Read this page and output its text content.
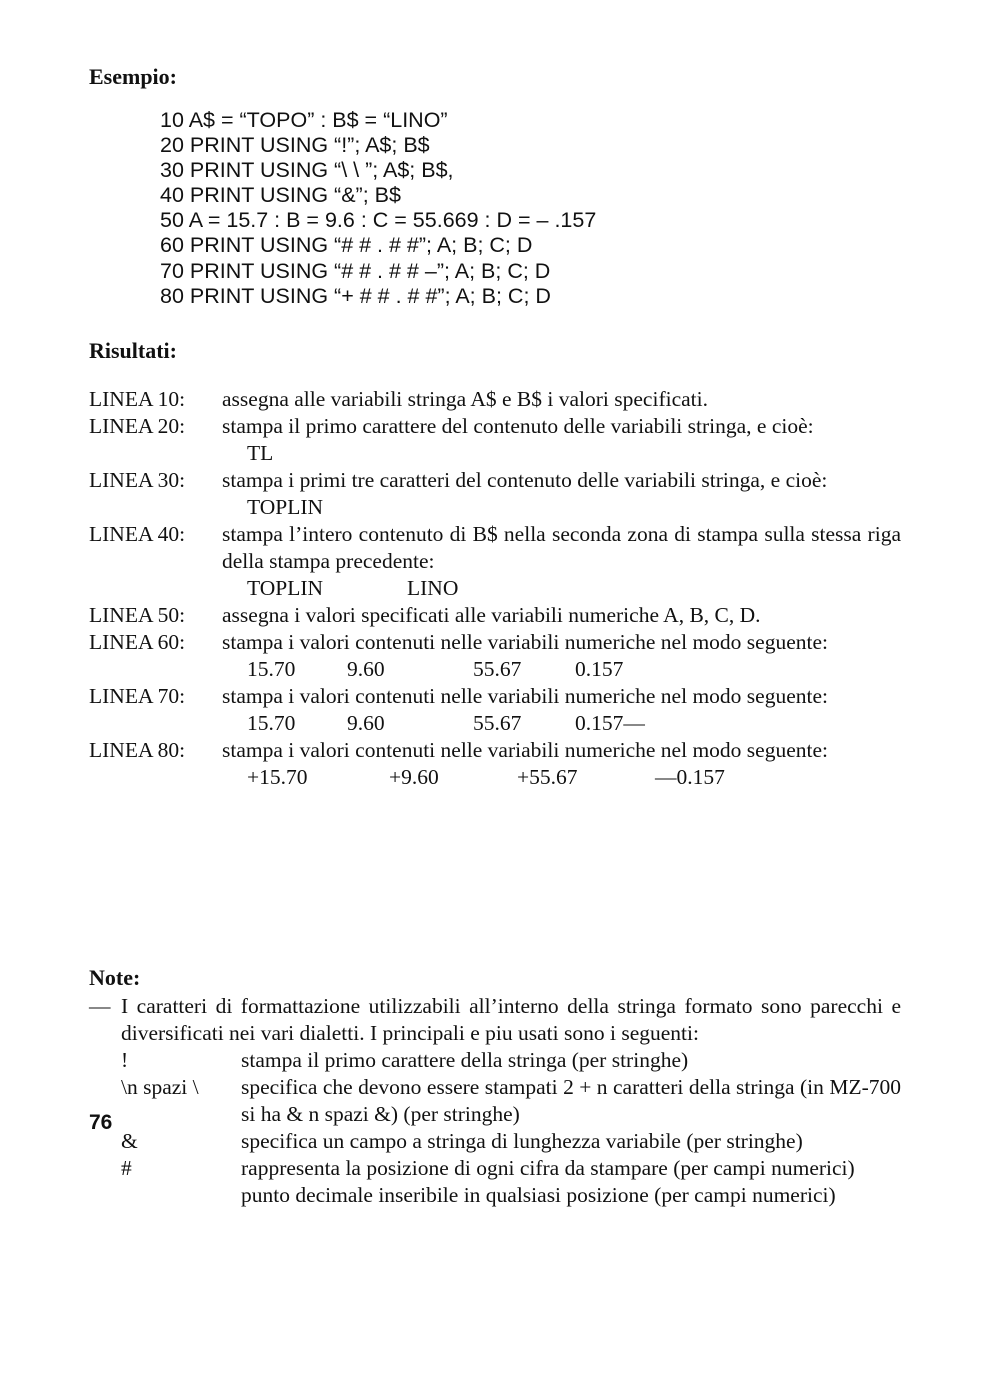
Esempio:
10 A$ = “TOPO” : B$ = “LINO”
20 PRINT USING “!”; A$; B$
30 PRINT USING “\ \ ”; A$; B$,
40 PRINT USING “&”; B$
50 A = 15.7 : B = 9.6 : C = 55.669 : D = – .157
60 PRINT USING “# # . # #”; A; B; C; D
70 PRINT USING “# # . # # –”; A; B; C; D
80 PRINT USING “+ # # . # #”; A; B; C; D
Risultati:
LINEA 10:	assegna alle variabili stringa A$ e B$ i valori specificati.
LINEA 20:	stampa il primo carattere del contenuto delle variabili stringa, e cioè:
TL
LINEA 30:	stampa i primi tre caratteri del contenuto delle variabili stringa, e cioè:
TOPLIN
LINEA 40:	stampa l’intero contenuto di B$ nella seconda zona di stampa sulla stessa riga della stampa precedente:
TOPLIN	LINO
LINEA 50:	assegna i valori specificati alle variabili numeriche A, B, C, D.
LINEA 60:	stampa i valori contenuti nelle variabili numeriche nel modo seguente:
15.70	9.60	55.67	0.157
LINEA 70:	stampa i valori contenuti nelle variabili numeriche nel modo seguente:
15.70	9.60	55.67	0.157—
LINEA 80:	stampa i valori contenuti nelle variabili numeriche nel modo seguente:
+15.70	+9.60	+55.67	—0.157
Note:
— I caratteri di formattazione utilizzabili all’interno della stringa formato sono parecchi e diversificati nei vari dialetti. I principali e piu usati sono i seguenti:
!	stampa il primo carattere della stringa (per stringhe)
\n spazi \	specifica che devono essere stampati 2 + n caratteri della stringa (in MZ-700 si ha & n spazi &) (per stringhe)
&	specifica un campo a stringa di lunghezza variabile (per stringhe)
#	rappresenta la posizione di ogni cifra da stampare (per campi numerici)
punto decimale inseribile in qualsiasi posizione (per campi numerici)
76
